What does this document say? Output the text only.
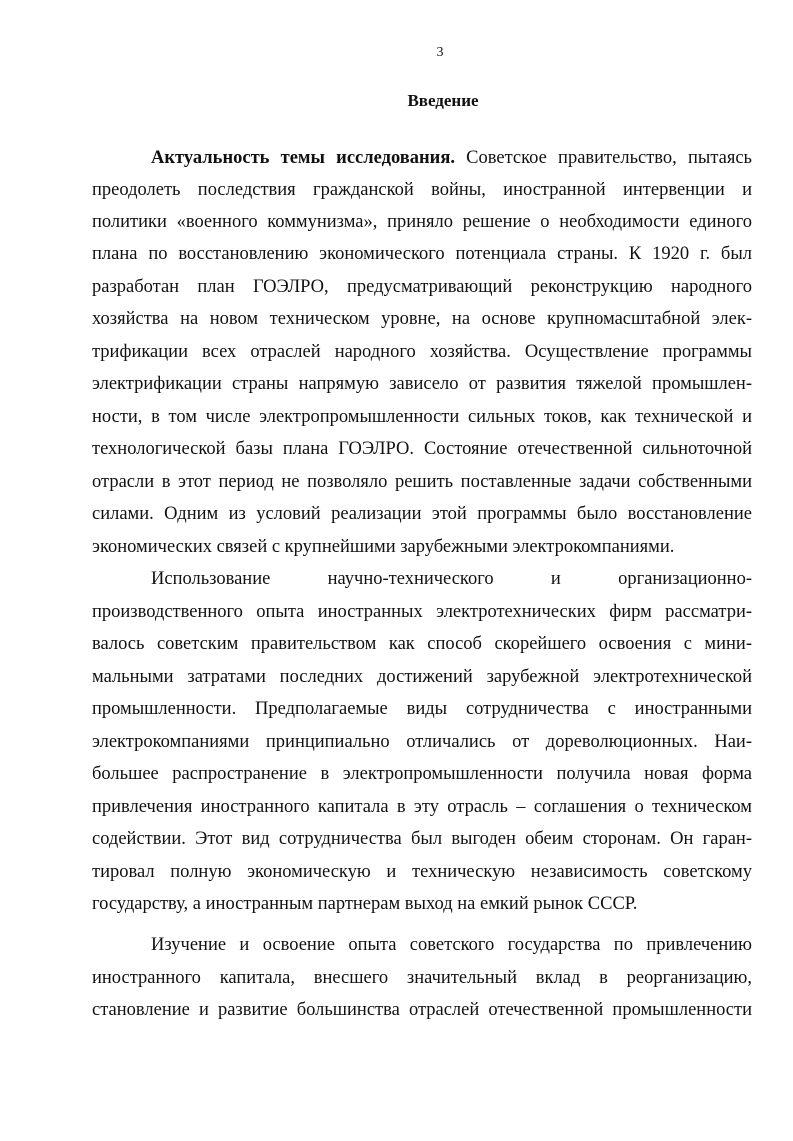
3
Введение
Актуальность темы исследования. Советское правительство, пытаясь
преодолеть последствия гражданской войны, иностранной интервенции и
политики «военного коммунизма», приняло решение о необходимости единого
плана по восстановлению экономического потенциала страны. К 1920 г. был
разработан план ГОЭЛРО, предусматривающий реконструкцию народного
хозяйства на новом техническом уровне, на основе крупномасштабной элек-
трификации всех отраслей народного хозяйства. Осуществление программы
электрификации страны напрямую зависело от развития тяжелой промышлен-
ности, в том числе электропромышленности сильных токов, как технической и
технологической базы плана ГОЭЛРО. Состояние отечественной сильноточной
отрасли в этот период не позволяло решить поставленные задачи собственными
силами. Одним из условий реализации этой программы было восстановление
экономических связей с крупнейшими зарубежными электрокомпаниями.
Использование научно-технического и организационно-
производственного опыта иностранных электротехнических фирм рассматри-
валось советским правительством как способ скорейшего освоения с мини-
мальными затратами последних достижений зарубежной электротехнической
промышленности. Предполагаемые виды сотрудничества с иностранными
электрокомпаниями принципиально отличались от дореволюционных. Наи-
большее распространение в электропромышленности получила новая форма
привлечения иностранного капитала в эту отрасль – соглашения о техническом
содействии. Этот вид сотрудничества был выгоден обеим сторонам. Он гаран-
тировал полную экономическую и техническую независимость советскому
государству, а иностранным партнерам выход на емкий рынок СССР.
Изучение и освоение опыта советского государства по привлечению
иностранного капитала, внесшего значительный вклад в реорганизацию,
становление и развитие большинства отраслей отечественной промышленности
